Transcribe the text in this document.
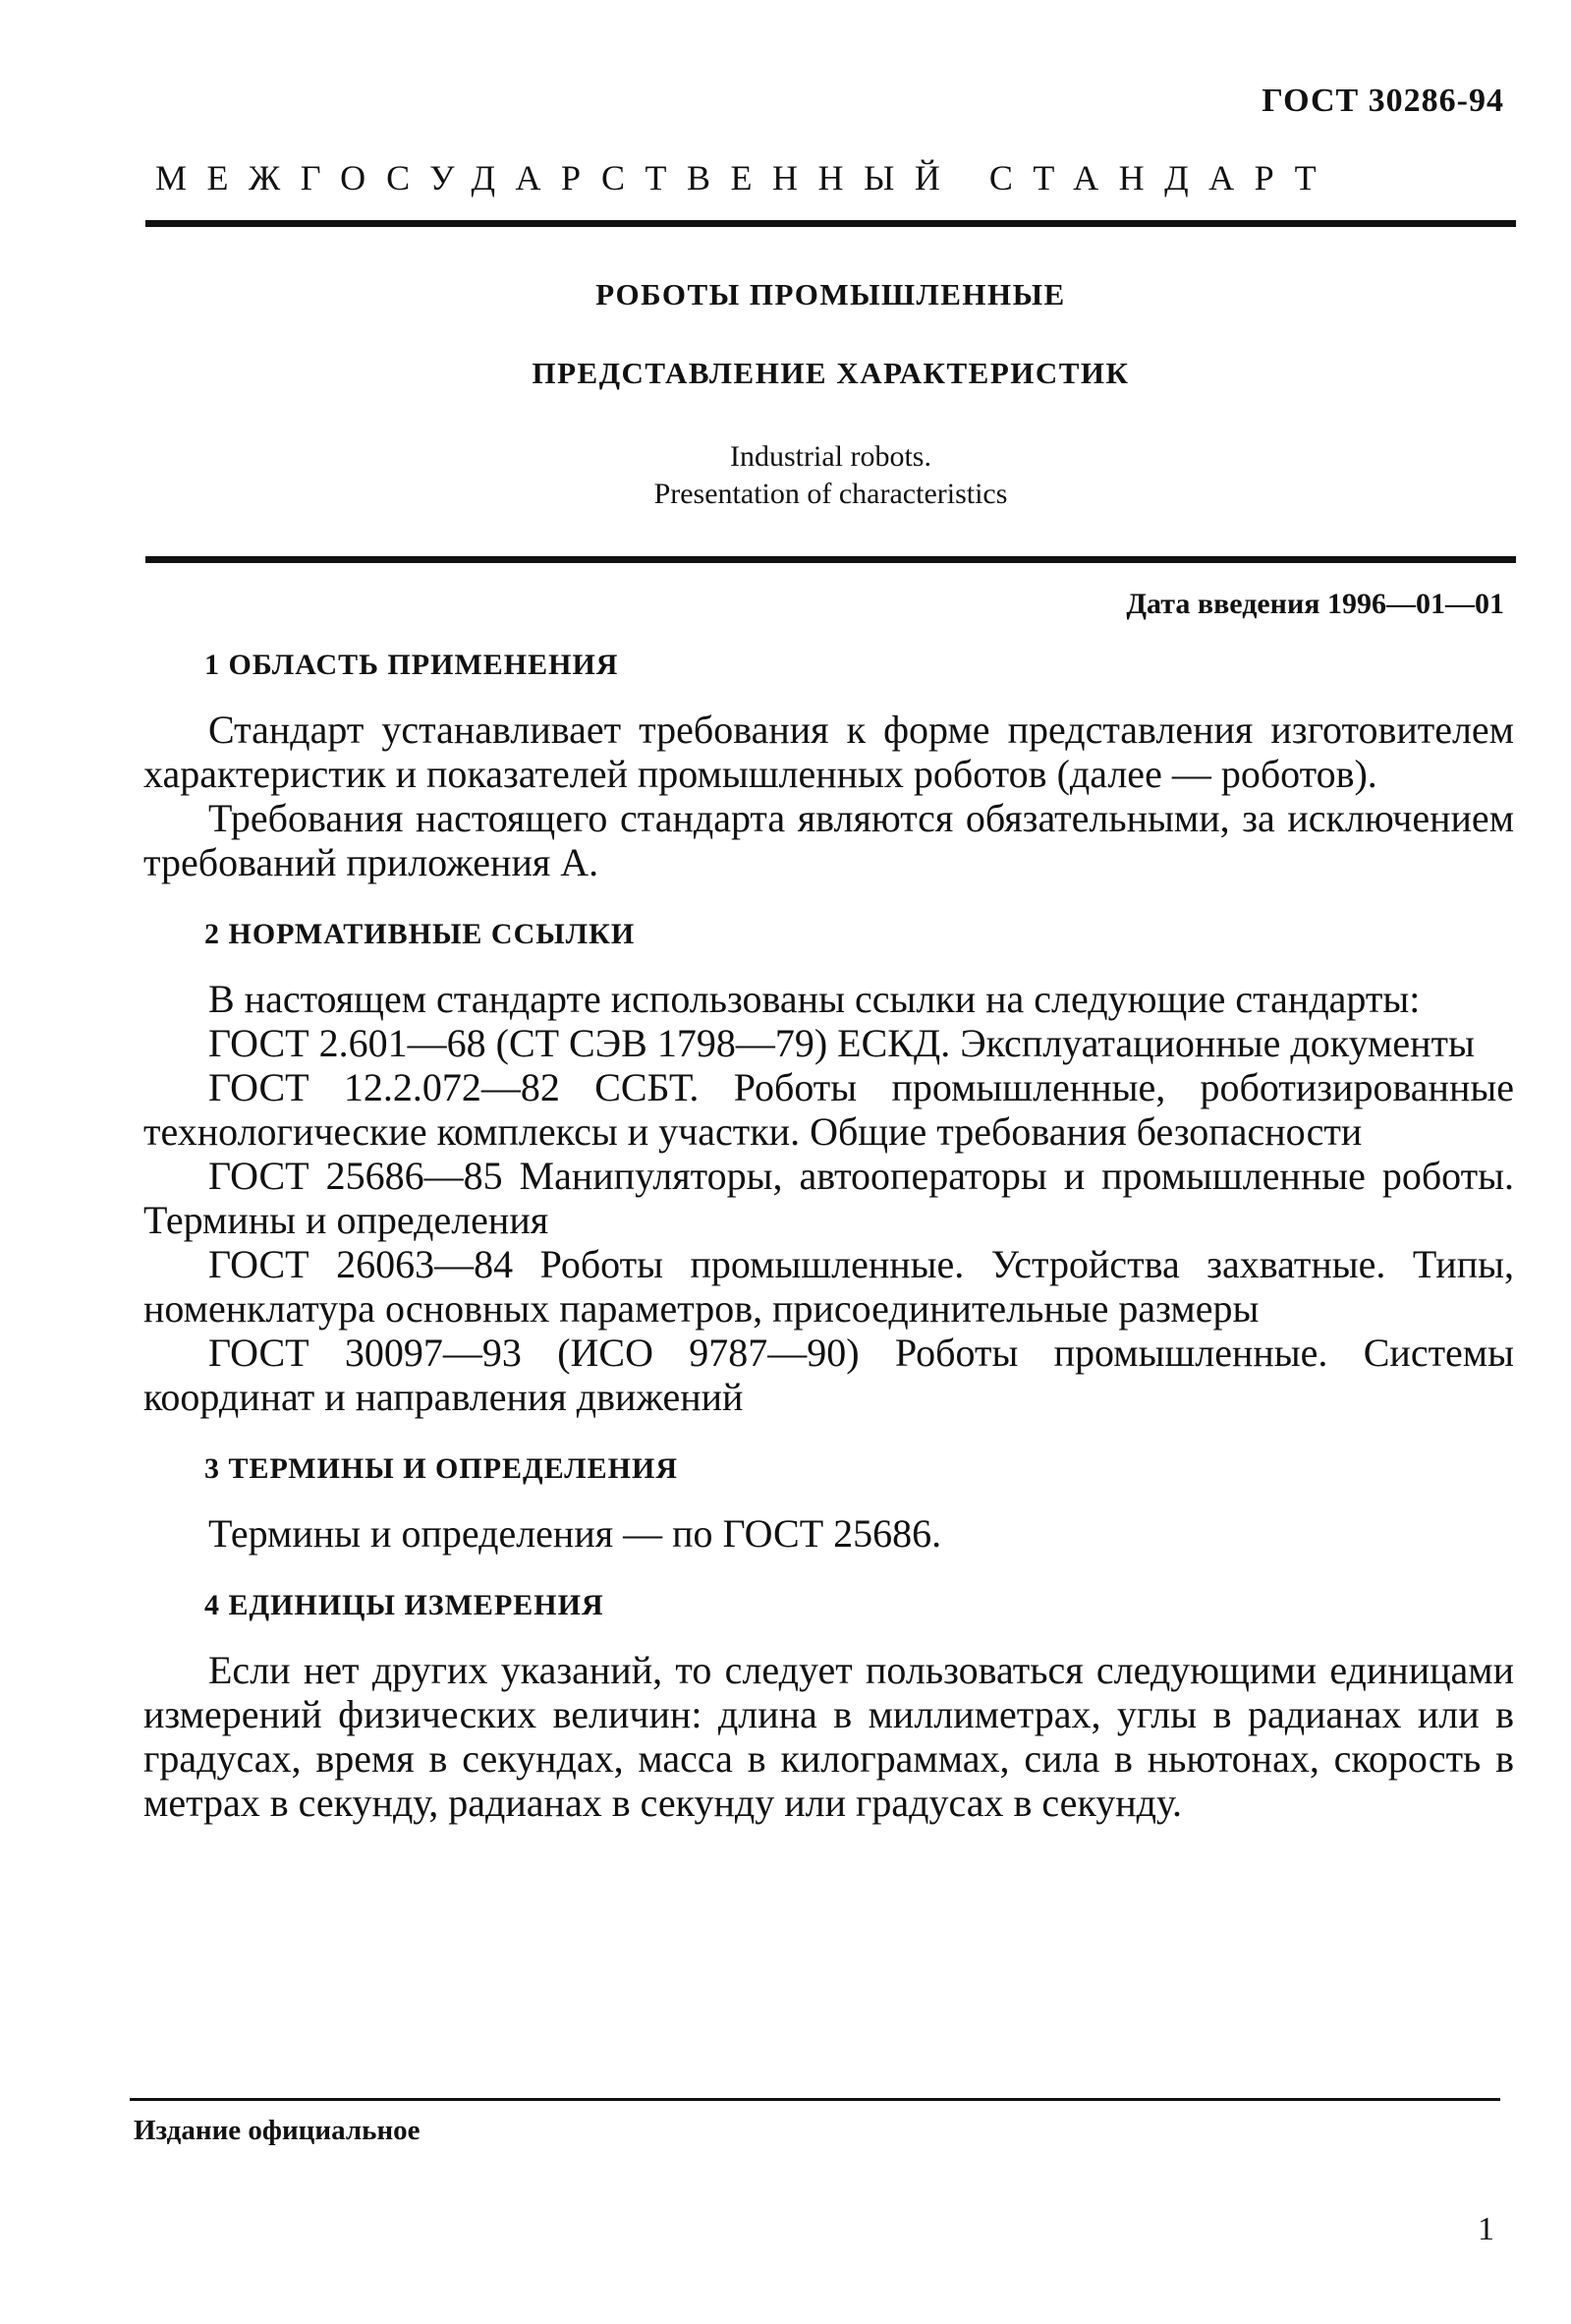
ГОСТ 30286-94
МЕЖГОСУДАРСТВЕННЫЙ СТАНДАРТ
РОБОТЫ ПРОМЫШЛЕННЫЕ
ПРЕДСТАВЛЕНИЕ ХАРАКТЕРИСТИК
Industrial robots.
Presentation of characteristics
Дата введения 1996—01—01
1 ОБЛАСТЬ ПРИМЕНЕНИЯ

Стандарт устанавливает требования к форме представления изготовителем характеристик и показателей промышленных роботов (далее — роботов).

Требования настоящего стандарта являются обязательными, за исключением требований приложения А.

2 НОРМАТИВНЫЕ ССЫЛКИ

В настоящем стандарте использованы ссылки на следующие стандарты:

ГОСТ 2.601—68 (СТ СЭВ 1798—79) ЕСКД. Эксплуатационные документы

ГОСТ 12.2.072—82 ССБТ. Роботы промышленные, роботизированные технологические комплексы и участки. Общие требования безопасности

ГОСТ 25686—85 Манипуляторы, автооператоры и промышленные роботы. Термины и определения

ГОСТ 26063—84 Роботы промышленные. Устройства захватные. Типы, номенклатура основных параметров, присоединительные размеры

ГОСТ 30097—93 (ИСО 9787—90) Роботы промышленные. Системы координат и направления движений

3 ТЕРМИНЫ И ОПРЕДЕЛЕНИЯ

Термины и определения — по ГОСТ 25686.

4 ЕДИНИЦЫ ИЗМЕРЕНИЯ

Если нет других указаний, то следует пользоваться следующими единицами измерений физических величин: длина в миллиметрах, углы в радианах или в градусах, время в секундах, масса в килограммах, сила в ньютонах, скорость в метрах в секунду, радианах в секунду или градусах в секунду.

Издание официальное
1
